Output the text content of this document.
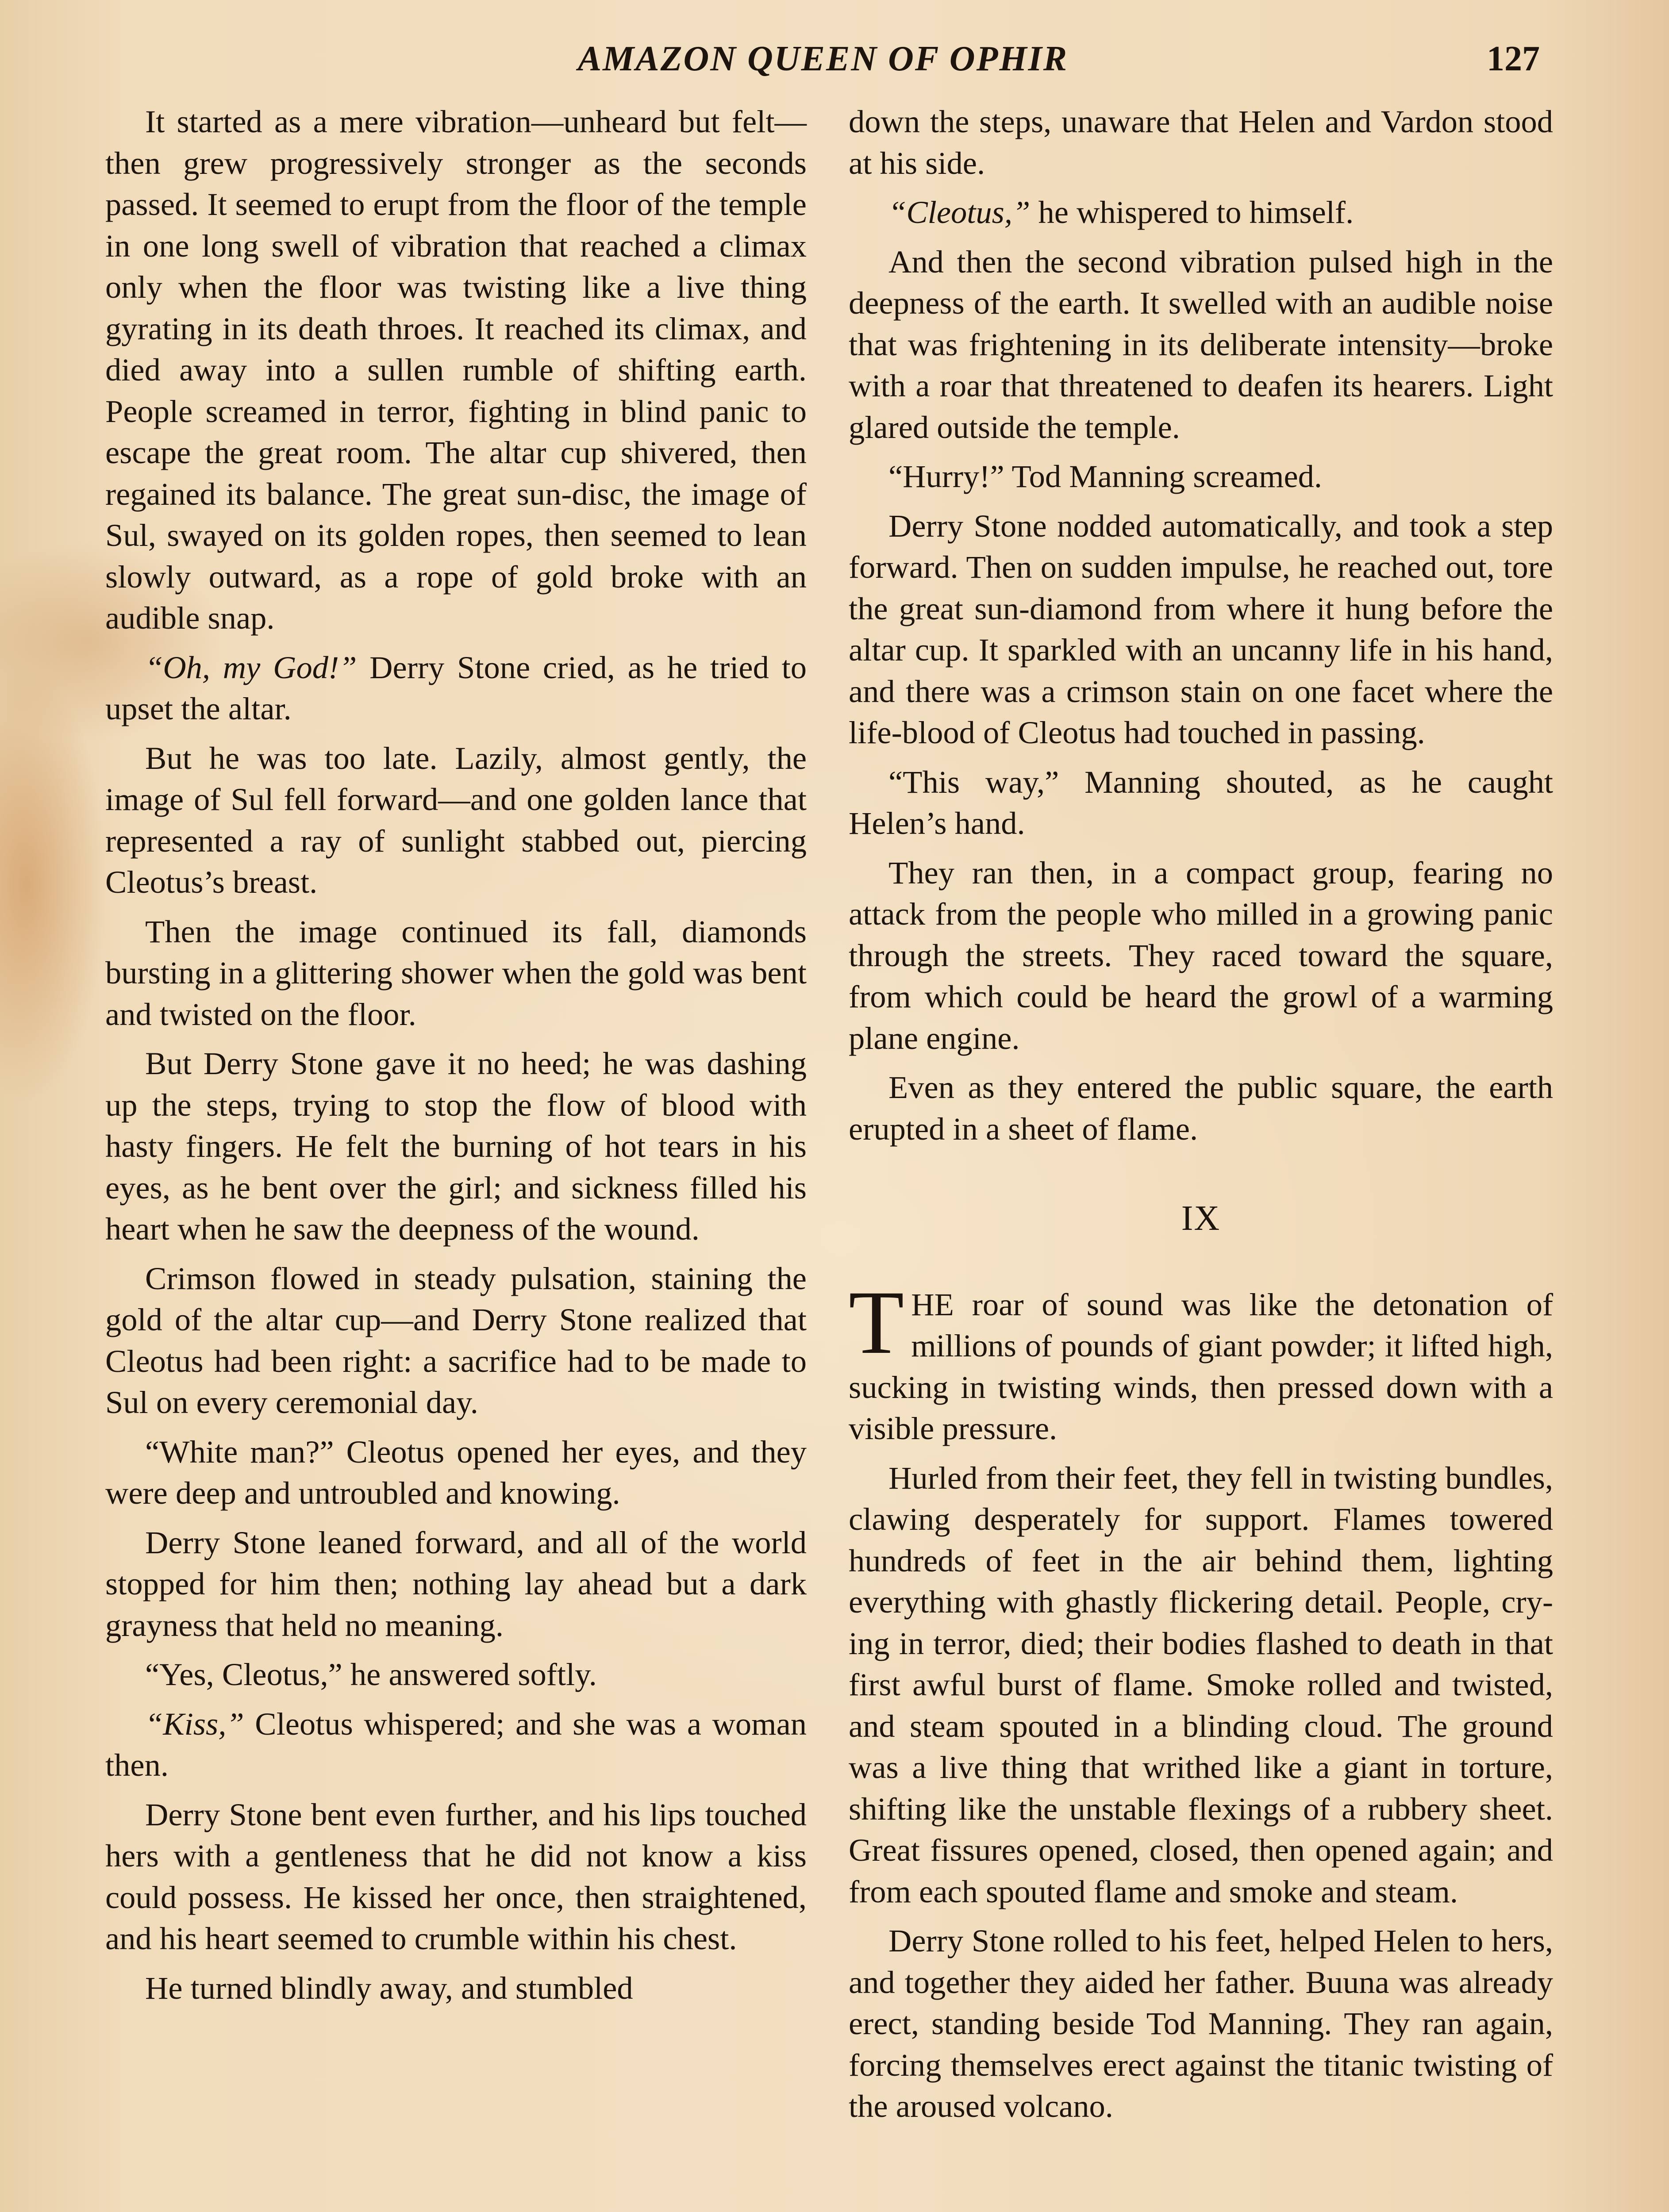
AMAZON QUEEN OF OPHIR	127

It started as a mere vibration—unheard but felt—then grew progressively stronger as the seconds passed. It seemed to erupt from the floor of the temple in one long swell of vibration that reached a climax only when the floor was twisting like a live thing gyrating in its death throes. It reached its climax, and died away into a sullen rumble of shifting earth. People screamed in terror, fighting in blind panic to escape the great room. The altar cup shivered, then regained its balance. The great sun-disc, the image of Sul, swayed on its golden ropes, then seemed to lean slowly outward, as a rope of gold broke with an audible snap.

“Oh, my God!” Derry Stone cried, as he tried to upset the altar.

But he was too late. Lazily, almost gently, the image of Sul fell forward—and one golden lance that represented a ray of sunlight stabbed out, piercing Cleotus’s breast.

Then the image continued its fall, diamonds bursting in a glittering shower when the gold was bent and twisted on the floor.

But Derry Stone gave it no heed; he was dashing up the steps, trying to stop the flow of blood with hasty fingers. He felt the burning of hot tears in his eyes, as he bent over the girl; and sickness filled his heart when he saw the deepness of the wound.

Crimson flowed in steady pulsation, staining the gold of the altar cup—and Derry Stone realized that Cleotus had been right: a sacrifice had to be made to Sul on every ceremonial day.

“White man?” Cleotus opened her eyes, and they were deep and untroubled and knowing.

Derry Stone leaned forward, and all of the world stopped for him then; nothing lay ahead but a dark grayness that held no meaning.

“Yes, Cleotus,” he answered softly.

“Kiss,” Cleotus whispered; and she was a woman then.

Derry Stone bent even further, and his lips touched hers with a gentleness that he did not know a kiss could possess. He kissed her once, then straightened, and his heart seemed to crumble within his chest.

He turned blindly away, and stumbled

down the steps, unaware that Helen and Vardon stood at his side.

“Cleotus,” he whispered to himself.

And then the second vibration pulsed high in the deepness of the earth. It swelled with an audible noise that was frightening in its deliberate intensity—broke with a roar that threatened to deafen its hearers. Light glared outside the temple.

“Hurry!” Tod Manning screamed.

Derry Stone nodded automatically, and took a step forward. Then on sudden impulse, he reached out, tore the great sun-diamond from where it hung before the altar cup. It sparkled with an uncanny life in his hand, and there was a crimson stain on one facet where the life-blood of Cleotus had touched in passing.

“This way,” Manning shouted, as he caught Helen’s hand.

They ran then, in a compact group, fearing no attack from the people who milled in a growing panic through the streets. They raced toward the square, from which could be heard the growl of a warming plane engine.

Even as they entered the public square, the earth erupted in a sheet of flame.

IX

THE roar of sound was like the detonation of millions of pounds of giant powder; it lifted high, sucking in twisting winds, then pressed down with a visible pressure.

Hurled from their feet, they fell in twisting bundles, clawing desperately for support. Flames towered hundreds of feet in the air behind them, lighting everything with ghastly flickering detail. People, crying in terror, died; their bodies flashed to death in that first awful burst of flame. Smoke rolled and twisted, and steam spouted in a blinding cloud. The ground was a live thing that writhed like a giant in torture, shifting like the unstable flexings of a rubbery sheet. Great fissures opened, closed, then opened again; and from each spouted flame and smoke and steam.

Derry Stone rolled to his feet, helped Helen to hers, and together they aided her father. Buuna was already erect, standing beside Tod Manning. They ran again, forcing themselves erect against the titanic twisting of the aroused volcano.
